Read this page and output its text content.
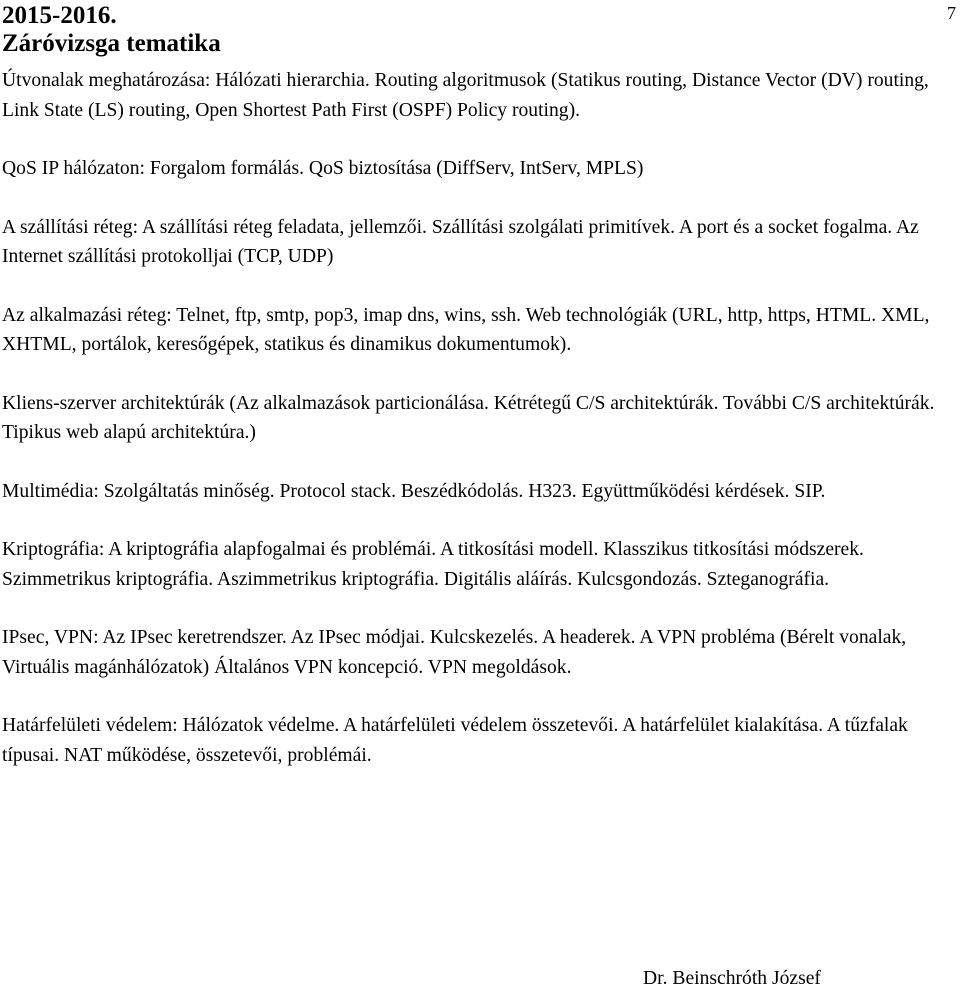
2015-2016.
Záróvizsga tematika
7

Útvonalak meghatározása: Hálózati hierarchia. Routing algoritmusok (Statikus routing, Distance Vector (DV) routing, Link State (LS) routing, Open Shortest Path First (OSPF) Policy routing).

QoS IP hálózaton: Forgalom formálás. QoS biztosítása (DiffServ, IntServ, MPLS)

A szállítási réteg: A szállítási réteg feladata, jellemzői. Szállítási szolgálati primitívek. A port és a socket fogalma. Az Internet szállítási protokolljai (TCP, UDP)

Az alkalmazási réteg: Telnet, ftp, smtp, pop3, imap dns, wins, ssh. Web technológiák (URL, http, https, HTML. XML, XHTML, portálok, keresőgépek, statikus és dinamikus dokumentumok).

Kliens-szerver architektúrák (Az alkalmazások particionálása. Kétrétegű C/S architektúrák. További C/S architektúrák. Tipikus web alapú architektúra.)

Multimédia: Szolgáltatás minőség. Protocol stack. Beszédkódolás. H323. Együttműködési kérdések. SIP.

Kriptográfia: A kriptográfia alapfogalmai és problémái. A titkosítási modell. Klasszikus titkosítási módszerek. Szimmetrikus kriptográfia. Aszimmetrikus kriptográfia. Digitális aláírás. Kulcsgondozás. Szteganográfia.

IPsec, VPN: Az IPsec keretrendszer. Az IPsec módjai. Kulcskezelés. A headerek. A VPN probléma (Bérelt vonalak, Virtuális magánhálózatok) Általános VPN koncepció. VPN megoldások.

Határfelületi védelem: Hálózatok védelme. A határfelületi védelem összetevői. A határfelület kialakítása. A tűzfalak típusai. NAT működése, összetevői, problémái.

Dr. Beinschróth József
